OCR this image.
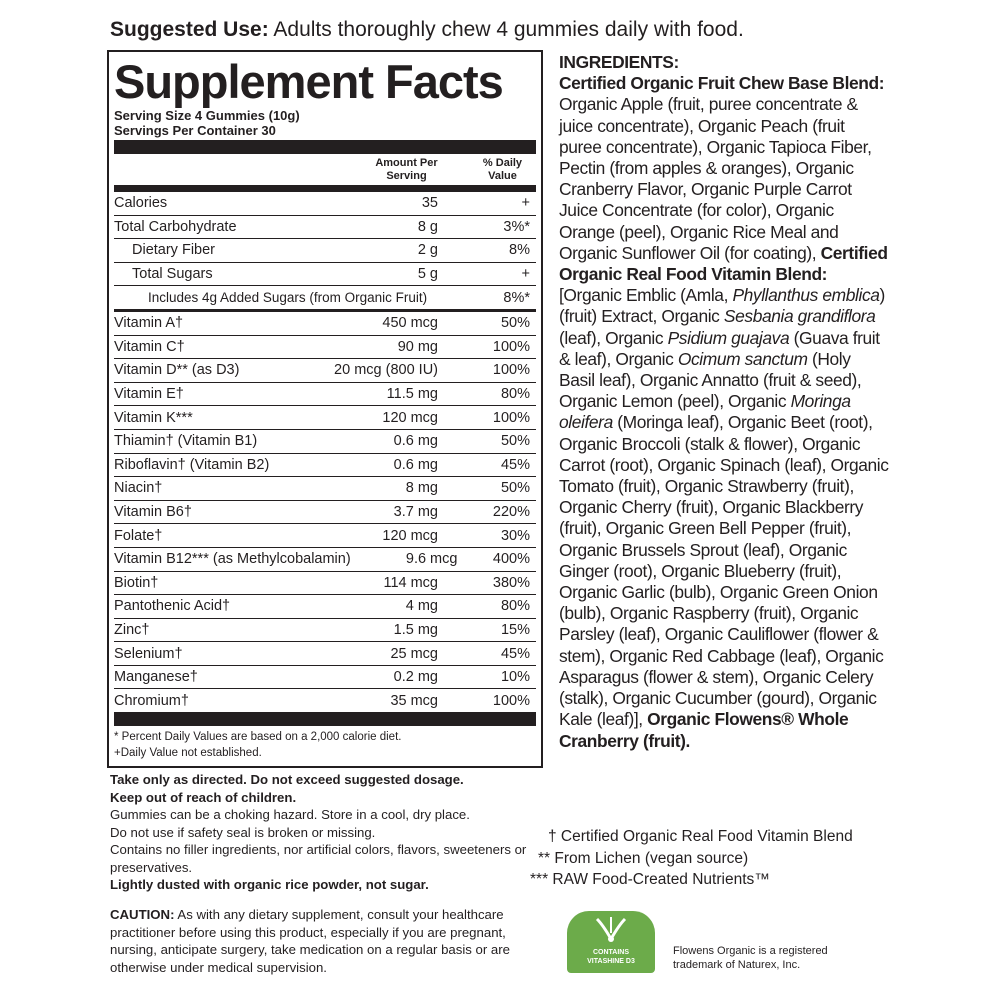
Suggested Use: Adults thoroughly chew 4 gummies daily with food.
Supplement Facts
Serving Size 4 Gummies (10g)
Servings Per Container 30
Amount Per
Serving
% Daily
Value
Calories	35	+
Total Carbohydrate	8 g	3%*
Dietary Fiber	2 g	8%
Total Sugars	5 g	+
Includes 4g Added Sugars (from Organic Fruit)	8%*
Vitamin A†	450 mcg	50%
Vitamin C†	90 mg	100%
Vitamin D** (as D3)	20 mcg (800 IU)	100%
Vitamin E†	11.5 mg	80%
Vitamin K***	120 mcg	100%
Thiamin† (Vitamin B1)	0.6 mg	50%
Riboflavin† (Vitamin B2)	0.6 mg	45%
Niacin†	8 mg	50%
Vitamin B6†	3.7 mg	220%
Folate†	120 mcg	30%
Vitamin B12*** (as Methylcobalamin)	9.6 mcg	400%
Biotin†	114 mcg	380%
Pantothenic Acid†	4 mg	80%
Zinc†	1.5 mg	15%
Selenium†	25 mcg	45%
Manganese†	0.2 mg	10%
Chromium†	35 mcg	100%
* Percent Daily Values are based on a 2,000 calorie diet.
+Daily Value not established.
Take only as directed. Do not exceed suggested dosage.
Keep out of reach of children.
Gummies can be a choking hazard. Store in a cool, dry place.
Do not use if safety seal is broken or missing.
Contains no filler ingredients, nor artificial colors, flavors, sweeteners or preservatives.
Lightly dusted with organic rice powder, not sugar.
CAUTION: As with any dietary supplement, consult your healthcare practitioner before using this product, especially if you are pregnant, nursing, anticipate surgery, take medication on a regular basis or are otherwise under medical supervision.
INGREDIENTS:
Certified Organic Fruit Chew Base Blend: Organic Apple (fruit, puree concentrate & juice concentrate), Organic Peach (fruit puree concentrate), Organic Tapioca Fiber, Pectin (from apples & oranges), Organic Cranberry Flavor, Organic Purple Carrot Juice Concentrate (for color), Organic Orange (peel), Organic Rice Meal and Organic Sunflower Oil (for coating), Certified Organic Real Food Vitamin Blend: [Organic Emblic (Amla, Phyllanthus emblica) (fruit) Extract, Organic Sesbania grandiflora (leaf), Organic Psidium guajava (Guava fruit & leaf), Organic Ocimum sanctum (Holy Basil leaf), Organic Annatto (fruit & seed), Organic Lemon (peel), Organic Moringa oleifera (Moringa leaf), Organic Beet (root), Organic Broccoli (stalk & flower), Organic Carrot (root), Organic Spinach (leaf), Organic Tomato (fruit), Organic Strawberry (fruit), Organic Cherry (fruit), Organic Blackberry (fruit), Organic Green Bell Pepper (fruit), Organic Brussels Sprout (leaf), Organic Ginger (root), Organic Blueberry (fruit), Organic Garlic (bulb), Organic Green Onion (bulb), Organic Raspberry (fruit), Organic Parsley (leaf), Organic Cauliflower (flower & stem), Organic Red Cabbage (leaf), Organic Asparagus (flower & stem), Organic Celery (stalk), Organic Cucumber (gourd), Organic Kale (leaf)], Organic Flowens® Whole Cranberry (fruit).
† Certified Organic Real Food Vitamin Blend
** From Lichen (vegan source)
*** RAW Food-Created Nutrients™
CONTAINS
VITASHINE D3
Flowens Organic is a registered trademark of Naturex, Inc.
